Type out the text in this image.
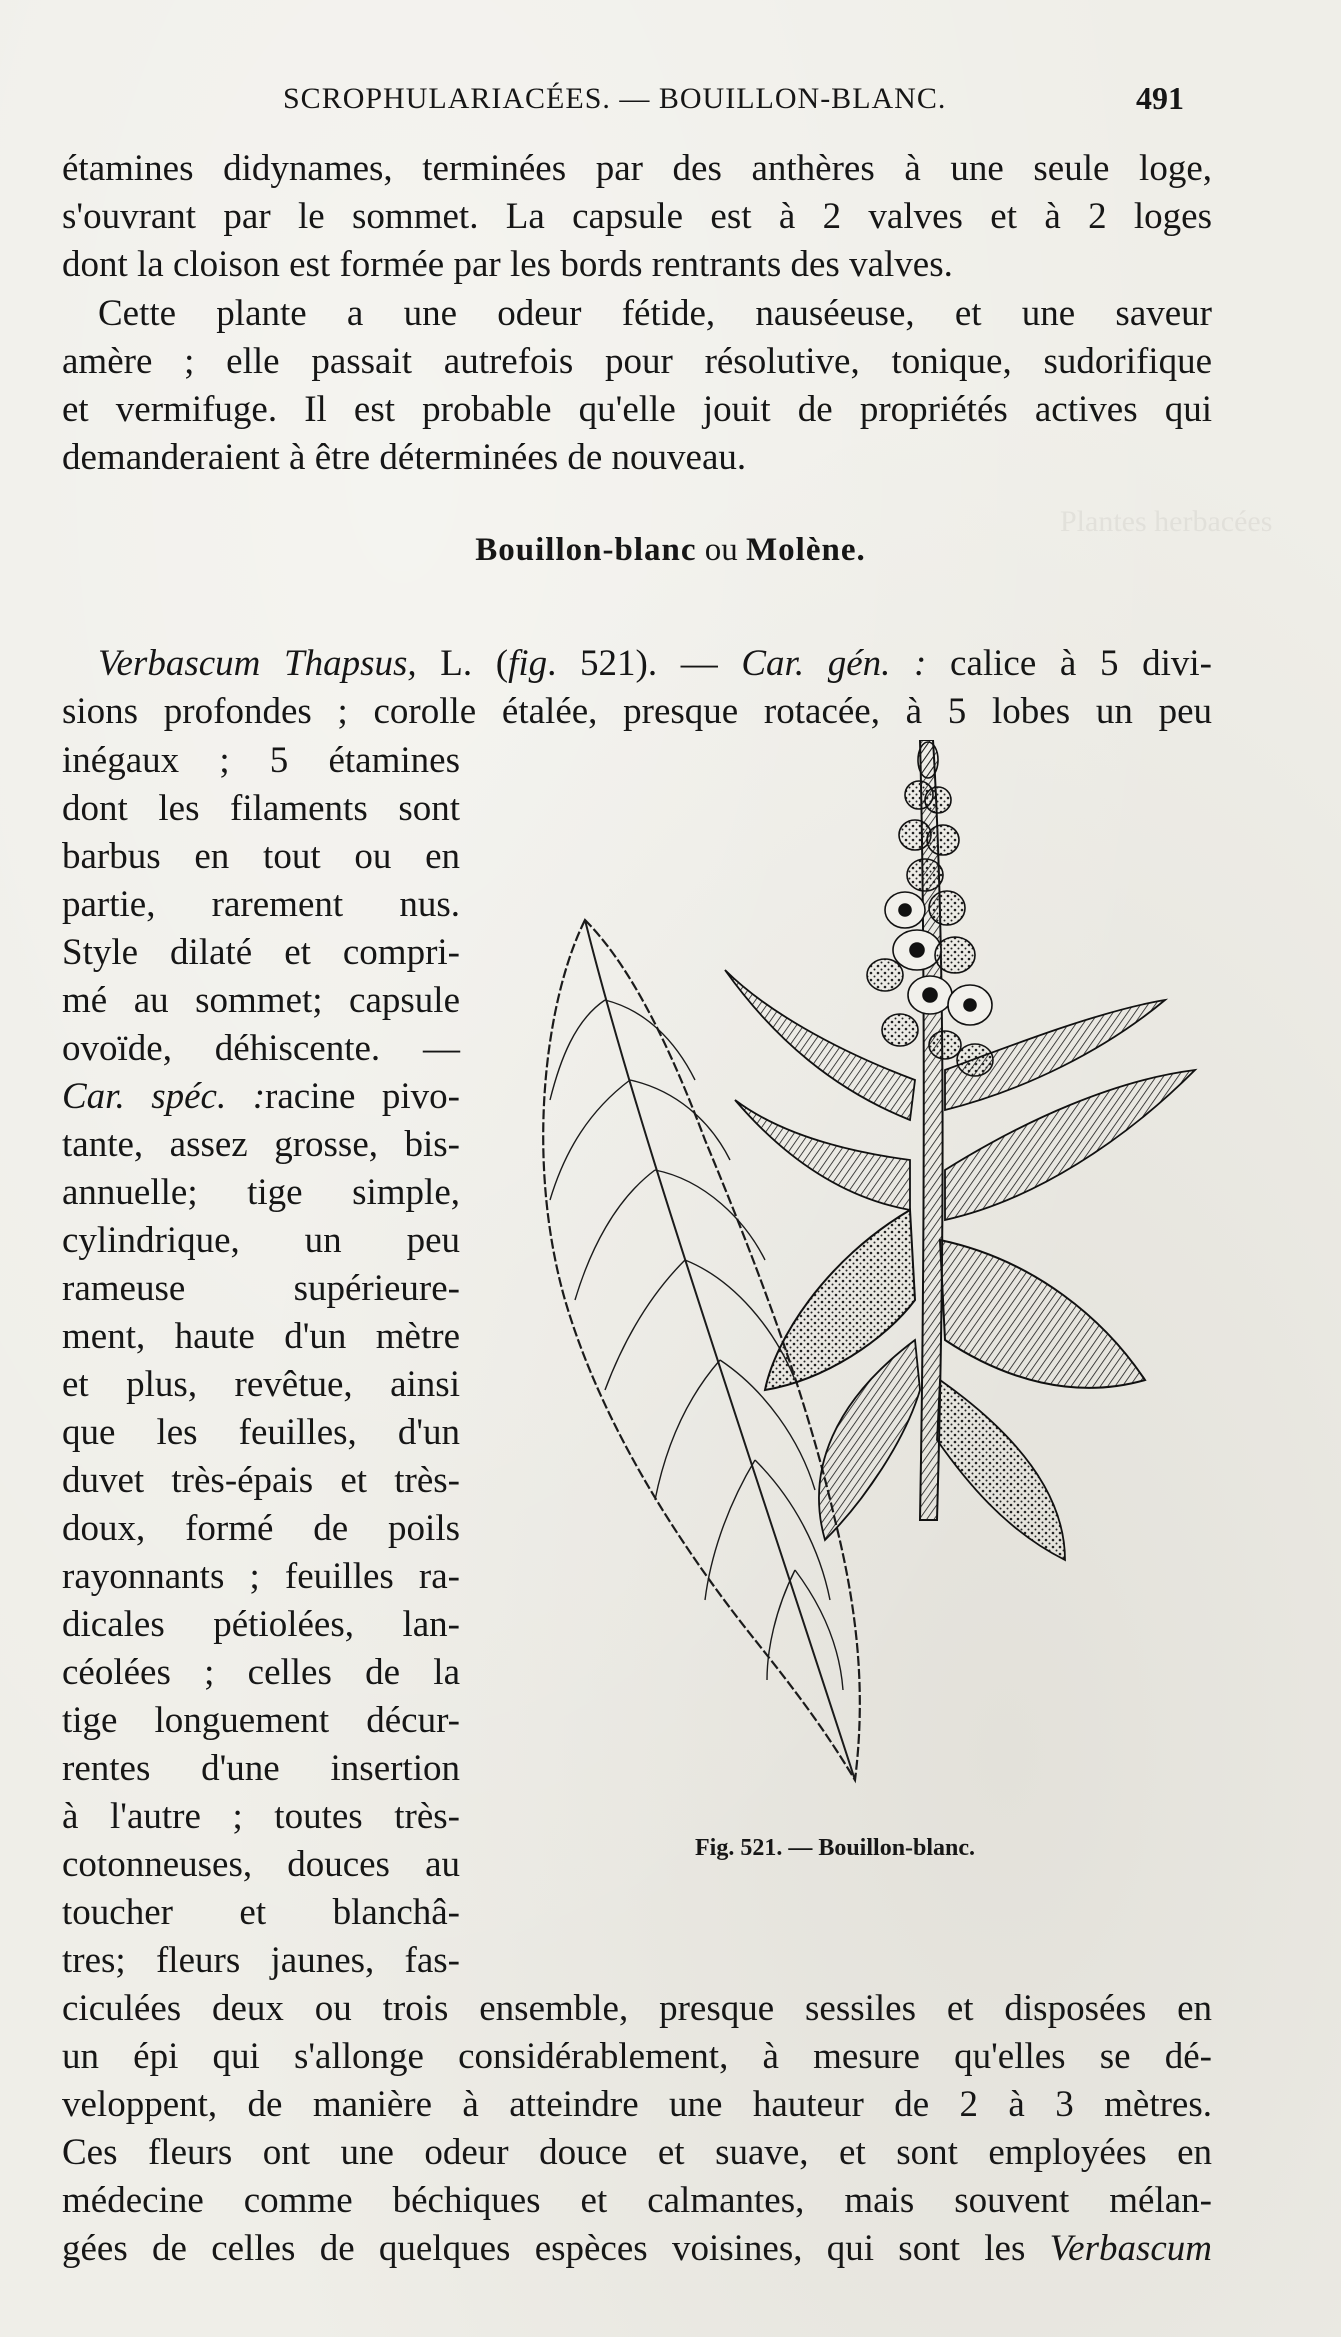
Plantes herbacées
SCROPHULARIACÉES. — BOUILLON-BLANC.	491
étamines didynames, terminées par des anthères à une seule loge,
s'ouvrant par le sommet. La capsule est à 2 valves et à 2 loges
dont la cloison est formée par les bords rentrants des valves.
Cette plante a une odeur fétide, nauséeuse, et une saveur
amère ; elle passait autrefois pour résolutive, tonique, sudorifique
et vermifuge. Il est probable qu'elle jouit de propriétés actives qui
demanderaient à être déterminées de nouveau.
Bouillon-blanc ou Molène.
Verbascum Thapsus, L. (fig. 521). — Car. gén. : calice à 5 divi-
sions profondes ; corolle étalée, presque rotacée, à 5 lobes un peu
inégaux ; 5 étamines
dont les filaments sont
barbus en tout ou en
partie, rarement nus.
Style dilaté et compri-
mé au sommet; capsule
ovoïde, déhiscente. —
Car. spéc. :racine pivo-
tante, assez grosse, bis-
annuelle; tige simple,
cylindrique, un peu
rameuse supérieure-
ment, haute d'un mètre
et plus, revêtue, ainsi
que les feuilles, d'un
duvet très-épais et très-
doux, formé de poils
rayonnants ; feuilles ra-
dicales pétiolées, lan-
céolées ; celles de la
tige longuement décur-
rentes d'une insertion
à l'autre ; toutes très-
cotonneuses, douces au
toucher et blanchâ-
tres; fleurs jaunes, fas-
Fig. 521. — Bouillon-blanc.
ciculées deux ou trois ensemble, presque sessiles et disposées en
un épi qui s'allonge considérablement, à mesure qu'elles se dé-
veloppent, de manière à atteindre une hauteur de 2 à 3 mètres.
Ces fleurs ont une odeur douce et suave, et sont employées en
médecine comme béchiques et calmantes, mais souvent mélan-
gées de celles de quelques espèces voisines, qui sont les Verbascum
